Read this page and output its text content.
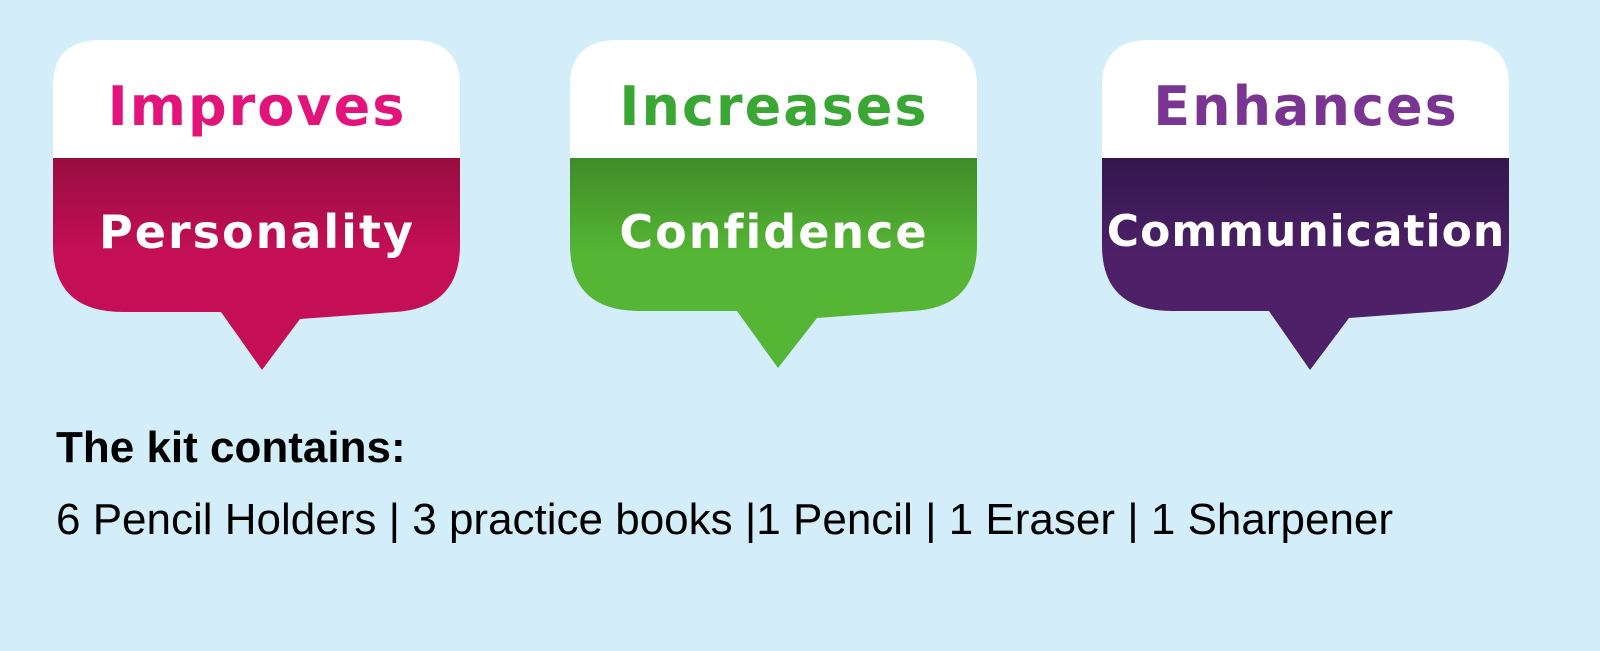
Improves
Personality
Increases
Confidence
Enhances
Communication
The kit contains:
6 Pencil Holders | 3 practice books |1 Pencil | 1 Eraser | 1 Sharpener
